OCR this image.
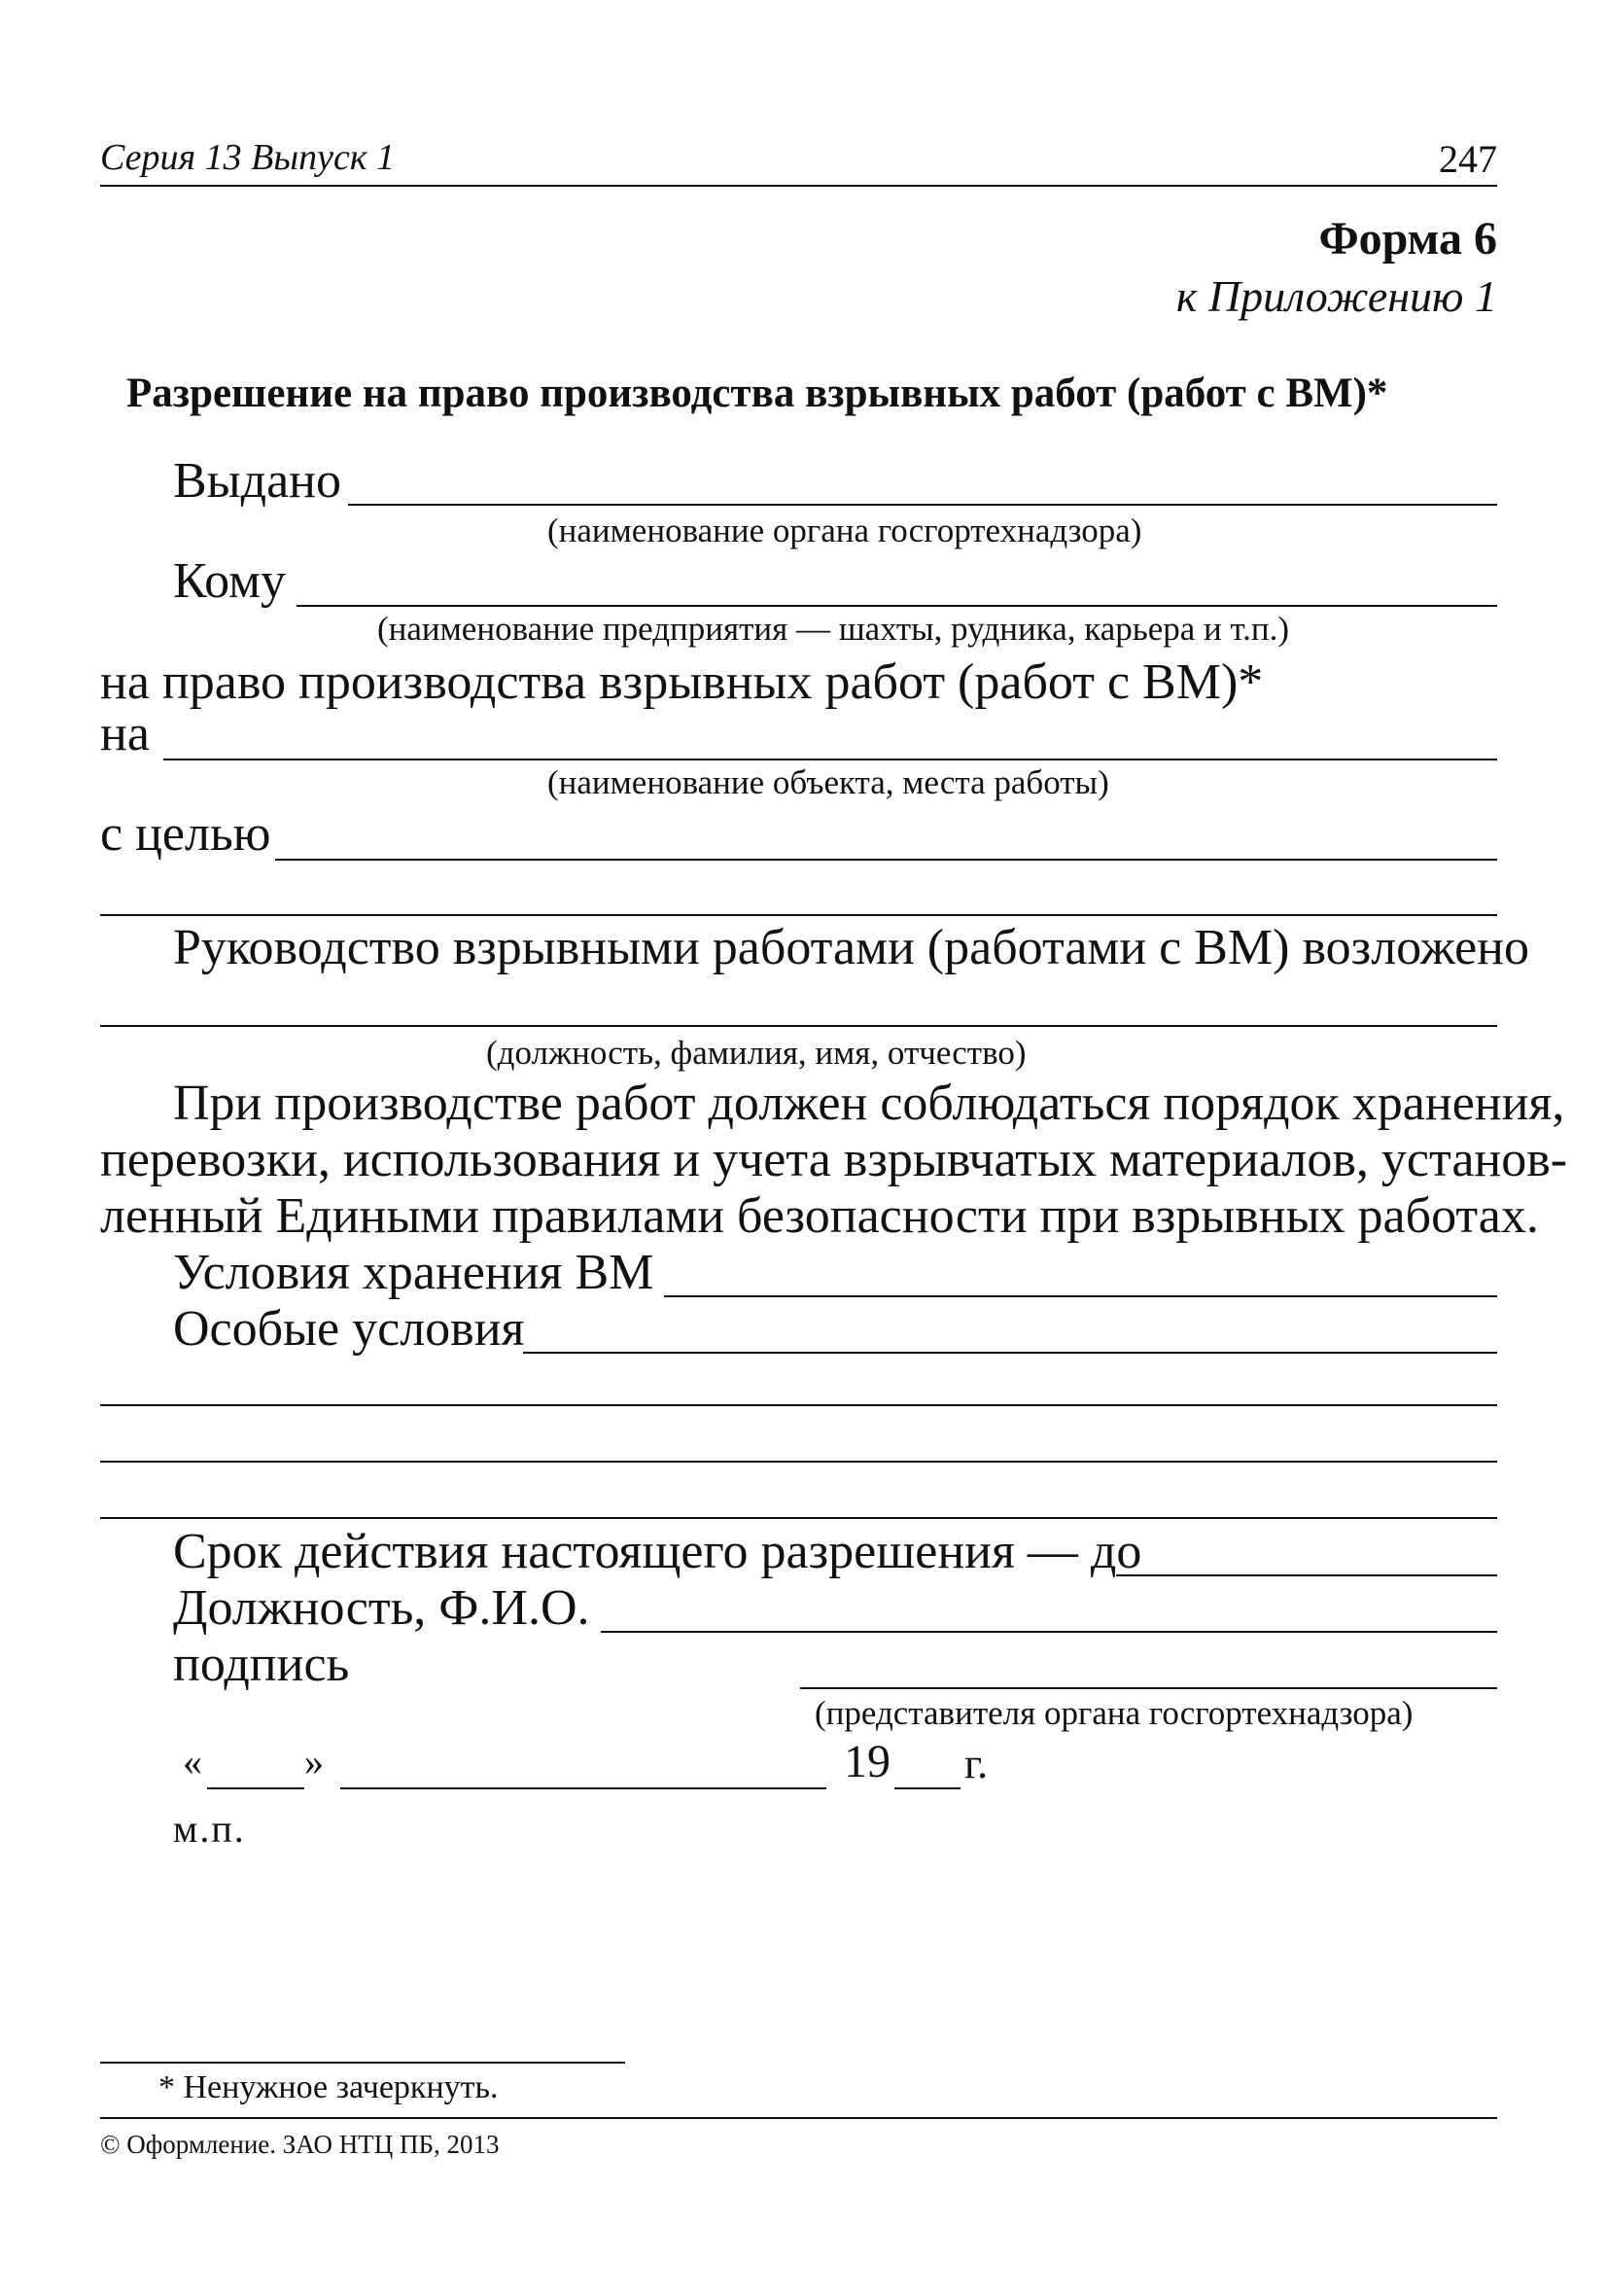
Серия 13 Выпуск 1	247
Форма 6
к Приложению 1
Разрешение на право производства взрывных работ (работ с ВМ)*
Выдано
(наименование органа госгортехнадзора)
Кому
(наименование предприятия — шахты, рудника, карьера и т.п.)
на право производства взрывных работ (работ с ВМ)*
на
(наименование объекта, места работы)
с целью
Руководство взрывными работами (работами с ВМ) возложено
(должность, фамилия, имя, отчество)
При производстве работ должен соблюдаться порядок хранения,
перевозки, использования и учета взрывчатых материалов, установ-
ленный Едиными правилами безопасности при взрывных работах.
Условия хранения ВМ
Особые условия
Срок действия настоящего разрешения — до
Должность, Ф.И.О.
подпись
(представителя органа госгортехнадзора)
«	»	19 г.
м.п.
* Ненужное зачеркнуть.
© Оформление. ЗАО НТЦ ПБ, 2013
